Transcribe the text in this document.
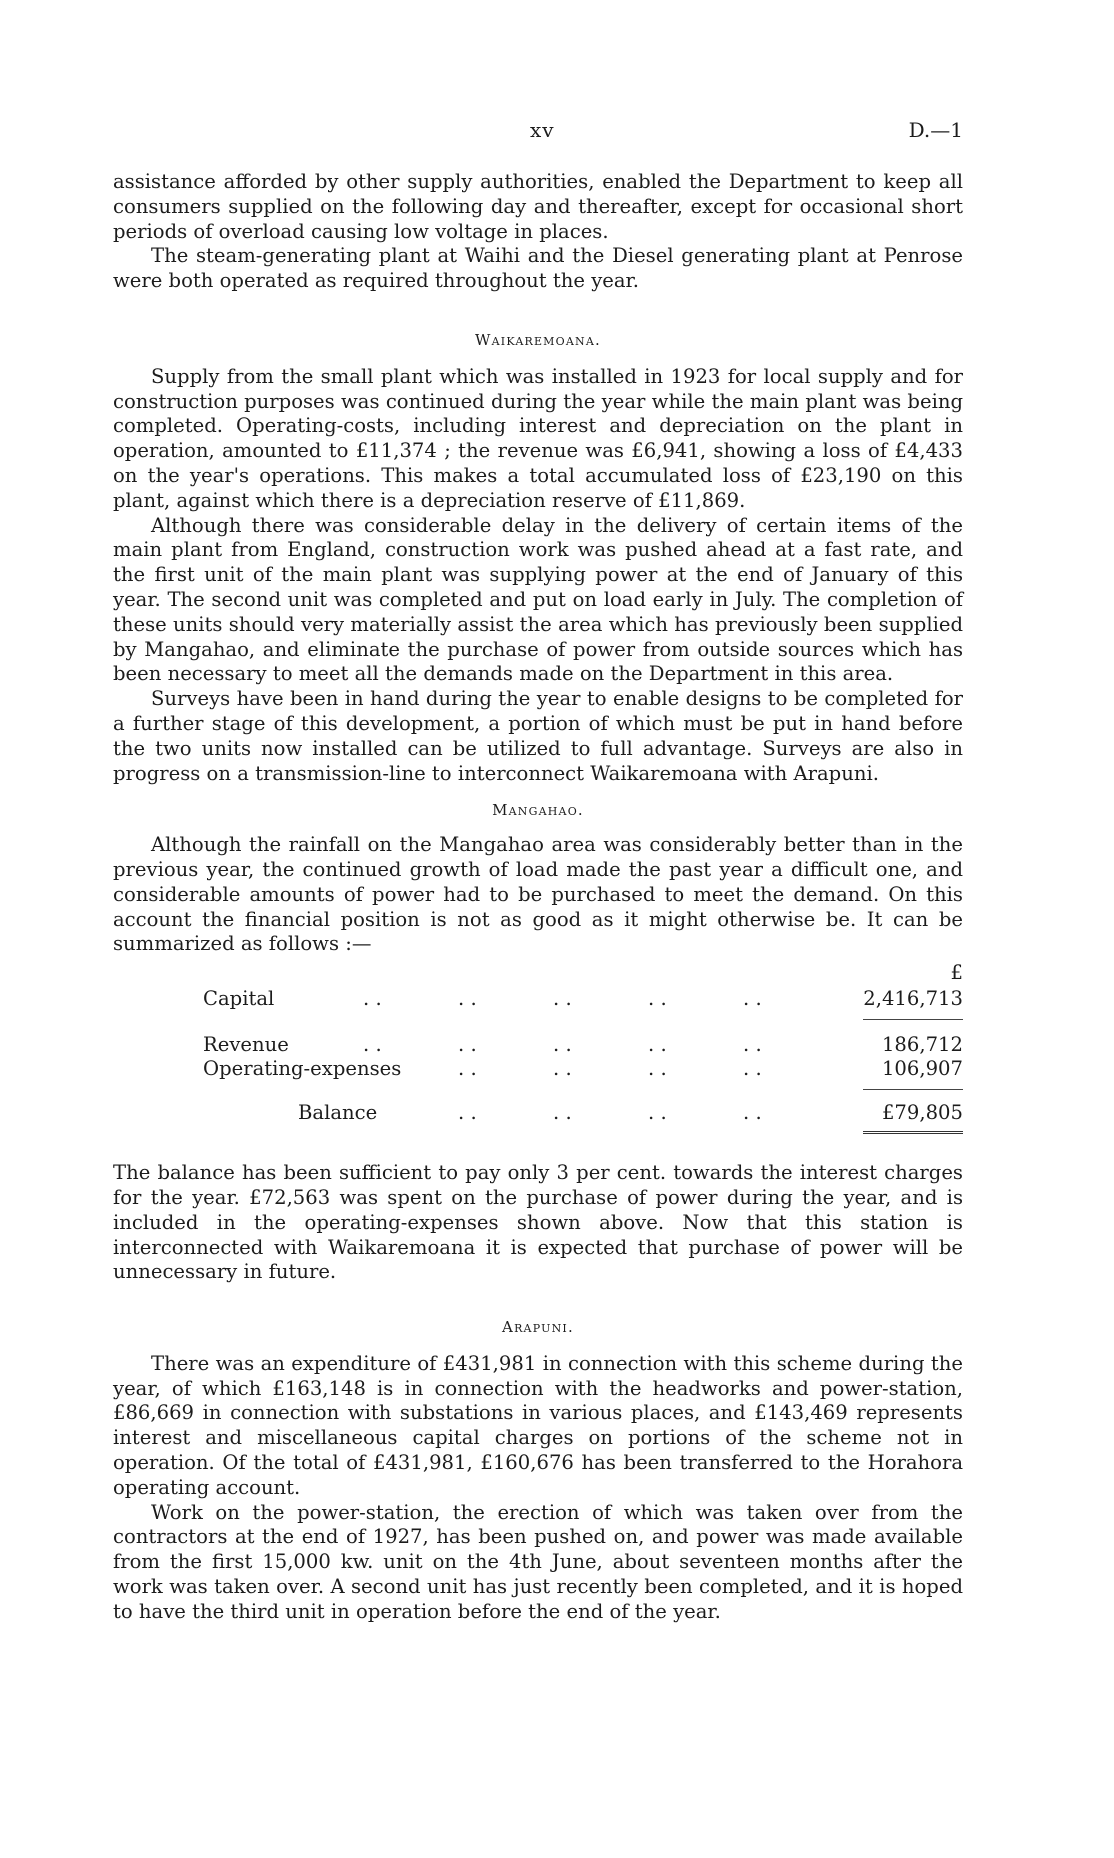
xv	D.—1

assistance afforded by other supply authorities, enabled the Department to keep all consumers supplied on the following day and thereafter, except for occasional short periods of overload causing low voltage in places.

The steam-generating plant at Waihi and the Diesel generating plant at Penrose were both operated as required throughout the year.

Waikaremoana.

Supply from the small plant which was installed in 1923 for local supply and for construction purposes was continued during the year while the main plant was being completed. Operating-costs, including interest and depreciation on the plant in operation, amounted to £11,374 ; the revenue was £6,941, showing a loss of £4,433 on the year's operations. This makes a total accumulated loss of £23,190 on this plant, against which there is a depreciation reserve of £11,869.

Although there was considerable delay in the delivery of certain items of the main plant from England, construction work was pushed ahead at a fast rate, and the first unit of the main plant was supplying power at the end of January of this year. The second unit was completed and put on load early in July. The completion of these units should very materially assist the area which has previously been supplied by Mangahao, and eliminate the purchase of power from outside sources which has been necessary to meet all the demands made on the Department in this area.

Surveys have been in hand during the year to enable designs to be completed for a further stage of this development, a portion of which must be put in hand before the two units now installed can be utilized to full advantage. Surveys are also in progress on a transmission-line to interconnect Waikaremoana with Arapuni.

Mangahao.

Although the rainfall on the Mangahao area was considerably better than in the previous year, the continued growth of load made the past year a difficult one, and considerable amounts of power had to be purchased to meet the demand. On this account the financial position is not as good as it might otherwise be. It can be summarized as follows :—

£
Capital	. .	. .	. .	. .	. .	2,416,713
Revenue	. .	. .	. .	. .	. .	186,712
Operating-expenses	. .	. .	. .	. .	106,907
Balance	. .	. .	. .	. .	£79,805

The balance has been sufficient to pay only 3 per cent. towards the interest charges for the year. £72,563 was spent on the purchase of power during the year, and is included in the operating-expenses shown above. Now that this station is interconnected with Waikaremoana it is expected that purchase of power will be unnecessary in future.

Arapuni.

There was an expenditure of £431,981 in connection with this scheme during the year, of which £163,148 is in connection with the headworks and power-station, £86,669 in connection with substations in various places, and £143,469 represents interest and miscellaneous capital charges on portions of the scheme not in operation. Of the total of £431,981, £160,676 has been transferred to the Horahora operating account.

Work on the power-station, the erection of which was taken over from the contractors at the end of 1927, has been pushed on, and power was made available from the first 15,000 kw. unit on the 4th June, about seventeen months after the work was taken over. A second unit has just recently been completed, and it is hoped to have the third unit in operation before the end of the year.
